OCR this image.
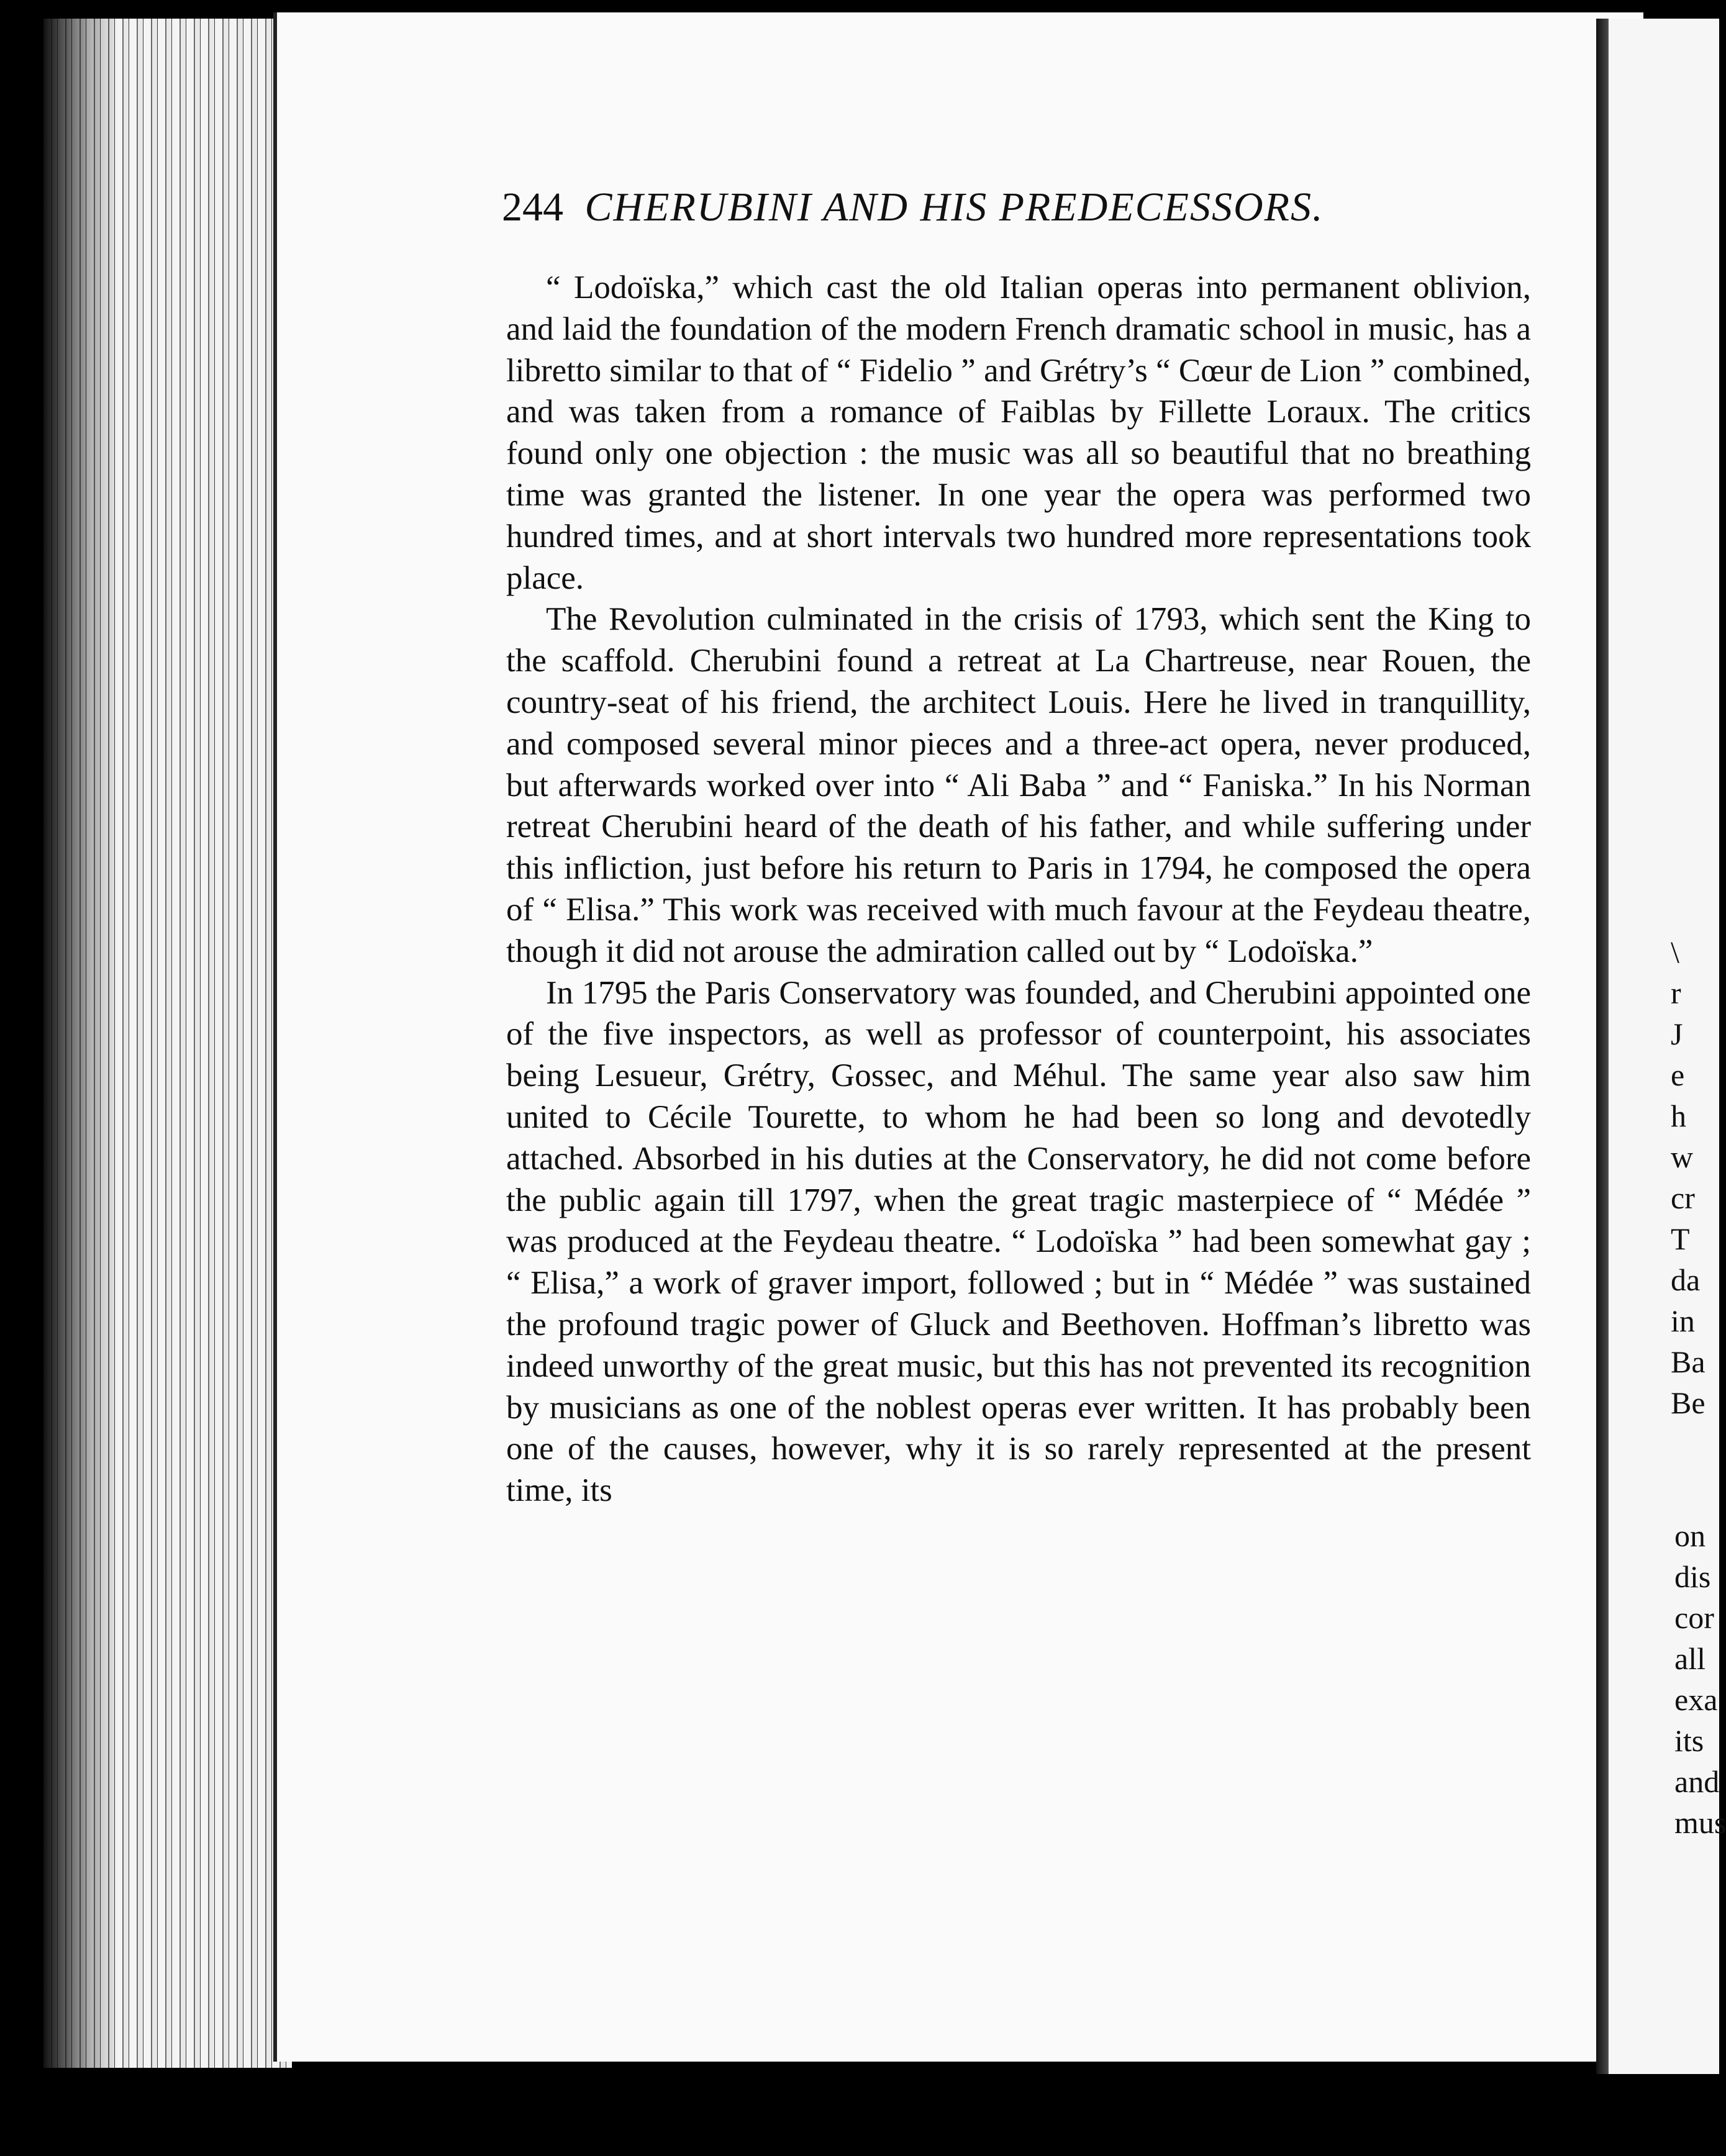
244 CHERUBINI AND HIS PREDECESSORS.

“ Lodoïska,” which cast the old Italian operas into permanent oblivion, and laid the foundation of the modern French dramatic school in music, has a libretto similar to that of “ Fidelio ” and Grétry’s “ Cœur de Lion ” combined, and was taken from a romance of Faiblas by Fillette Loraux. The critics found only one objection : the music was all so beautiful that no breathing time was granted the listener. In one year the opera was performed two hundred times, and at short intervals two hundred more representations took place.

The Revolution culminated in the crisis of 1793, which sent the King to the scaffold. Cherubini found a retreat at La Chartreuse, near Rouen, the country-seat of his friend, the architect Louis. Here he lived in tranquillity, and composed several minor pieces and a three-act opera, never produced, but afterwards worked over into “ Ali Baba ” and “ Faniska.” In his Norman retreat Cherubini heard of the death of his father, and while suffering under this infliction, just before his return to Paris in 1794, he composed the opera of “ Elisa.” This work was received with much favour at the Feydeau theatre, though it did not arouse the admiration called out by “ Lodoïska.”

In 1795 the Paris Conservatory was founded, and Cherubini appointed one of the five inspectors, as well as professor of counterpoint, his associates being Lesueur, Grétry, Gossec, and Méhul. The same year also saw him united to Cécile Tourette, to whom he had been so long and devotedly attached. Absorbed in his duties at the Conservatory, he did not come before the public again till 1797, when the great tragic masterpiece of “ Médée ” was produced at the Feydeau theatre. “ Lodoïska ” had been somewhat gay ; “ Elisa,” a work of graver import, followed ; but in “ Médée ” was sustained the profound tragic power of Gluck and Beethoven. Hoffman’s libretto was indeed unworthy of the great music, but this has not prevented its recognition by musicians as one of the noblest operas ever written. It has probably been one of the causes, however, why it is so rarely represented at the present time, its

\
r
J
e
h
w
cr
T
da
in
Ba
Be
on
dis
cor
all
exa
its
and
mus
